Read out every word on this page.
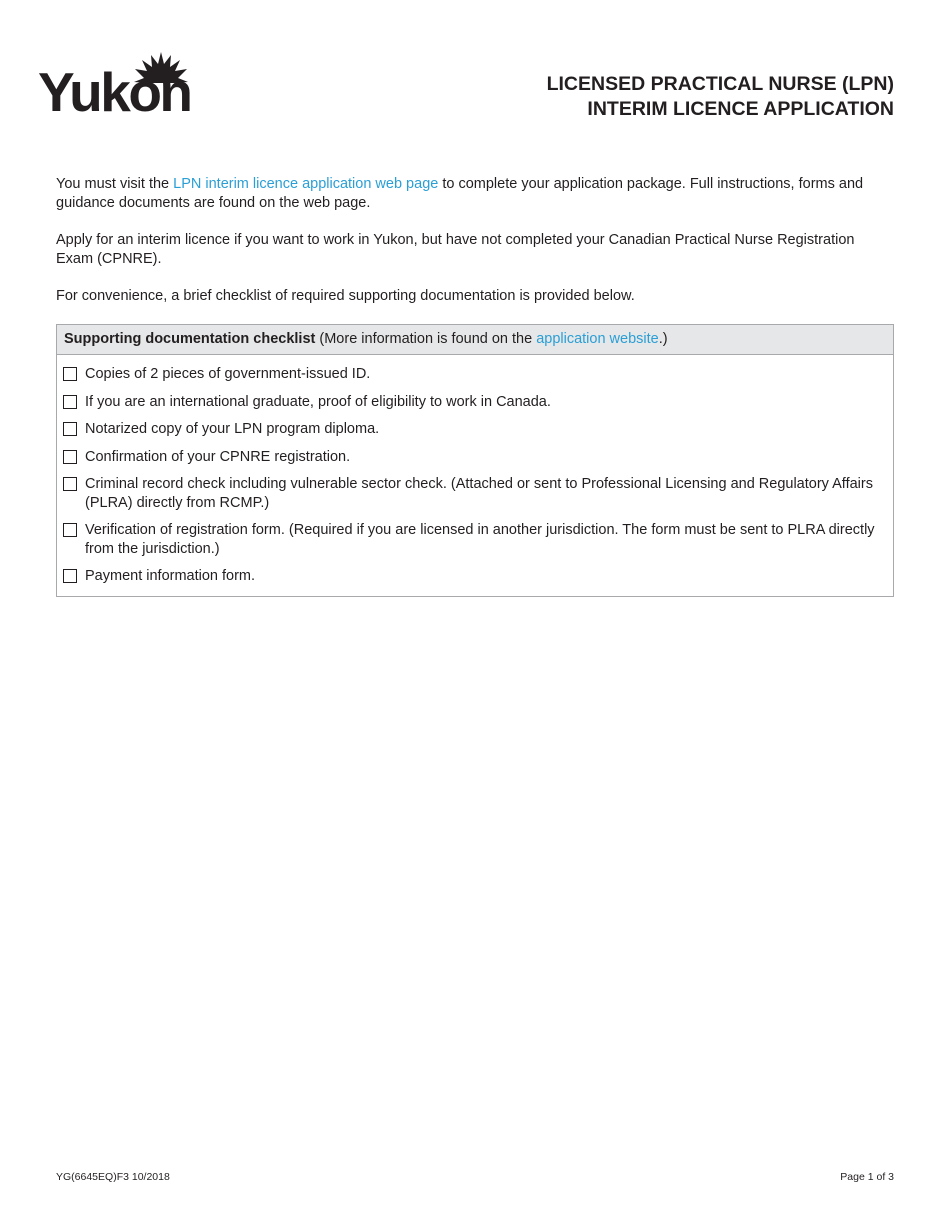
Yukon	LICENSED PRACTICAL NURSE (LPN)
INTERIM LICENCE APPLICATION

You must visit the LPN interim licence application web page to complete your application package. Full instructions, forms and guidance documents are found on the web page.

Apply for an interim licence if you want to work in Yukon, but have not completed your Canadian Practical Nurse Registration Exam (CPNRE).

For convenience, a brief checklist of required supporting documentation is provided below.

Supporting documentation checklist (More information is found on the application website.)
Copies of 2 pieces of government-issued ID.
If you are an international graduate, proof of eligibility to work in Canada.
Notarized copy of your LPN program diploma.
Confirmation of your CPNRE registration.
Criminal record check including vulnerable sector check. (Attached or sent to Professional Licensing and Regulatory Affairs (PLRA) directly from RCMP.)
Verification of registration form. (Required if you are licensed in another jurisdiction. The form must be sent to PLRA directly from the jurisdiction.)
Payment information form.
YG(6645EQ)F3 10/2018	Page 1 of 3
